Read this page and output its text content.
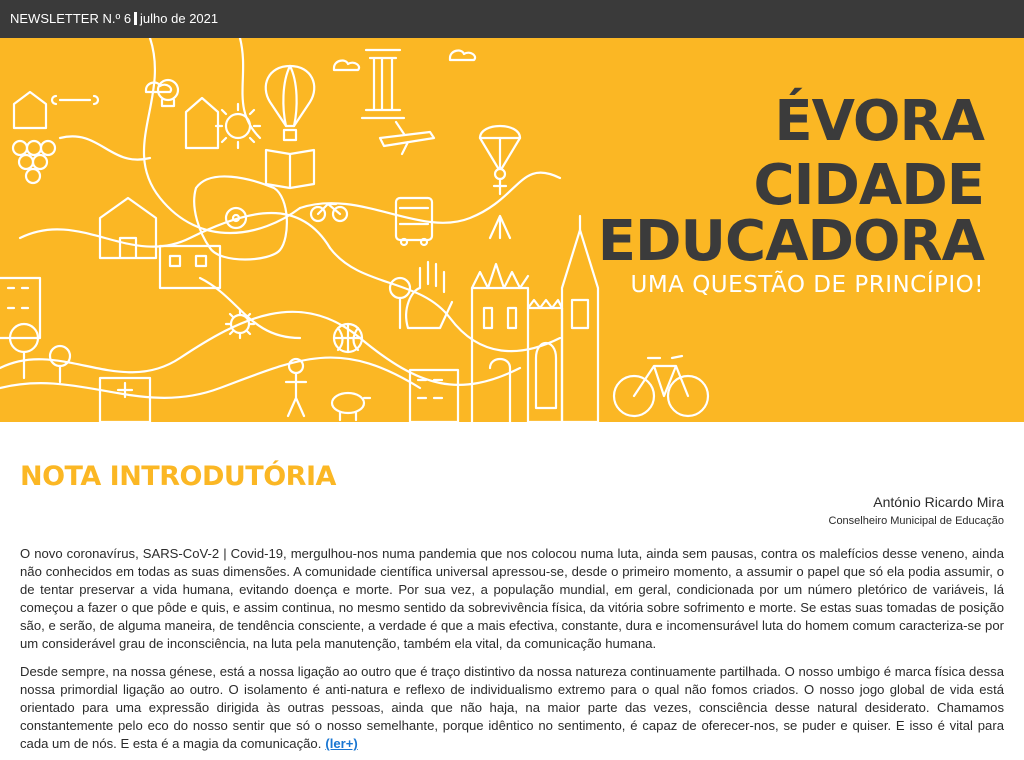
NEWSLETTER N.º 6 julho de 2021
ÉVORA
CIDADE
EDUCADORA
UMA QUESTÃO DE PRINCÍPIO!
NOTA INTRODUTÓRIA
António Ricardo Mira
Conselheiro Municipal de Educação

O novo coronavírus, SARS-CoV-2 | Covid-19, mergulhou-nos numa pandemia que nos colocou numa luta, ainda sem pausas, contra os malefícios desse veneno, ainda não conhecidos em todas as suas dimensões. A comunidade científica universal apressou-se, desde o primeiro momento, a assumir o papel que só ela podia assumir, o de tentar preservar a vida humana, evitando doença e morte. Por sua vez, a população mundial, em geral, condicionada por um número pletórico de variáveis, lá começou a fazer o que pôde e quis, e assim continua, no mesmo sentido da sobrevivência física, da vitória sobre sofrimento e morte. Se estas suas tomadas de posição são, e serão, de alguma maneira, de tendência consciente, a verdade é que a mais efectiva, constante, dura e incomensurável luta do homem comum caracteriza-se por um considerável grau de inconsciência, na luta pela manutenção, também ela vital, da comunicação humana.

Desde sempre, na nossa génese, está a nossa ligação ao outro que é traço distintivo da nossa natureza continuamente partilhada. O nosso umbigo é marca física dessa nossa primordial ligação ao outro. O isolamento é anti-natura e reflexo de individualismo extremo para o qual não fomos criados. O nosso jogo global de vida está orientado para uma expressão dirigida às outras pessoas, ainda que não haja, na maior parte das vezes, consciência desse natural desiderato. Chamamos constantemente pelo eco do nosso sentir que só o nosso semelhante, porque idêntico no sentimento, é capaz de oferecer-nos, se puder e quiser. E isso é vital para cada um de nós. E esta é a magia da comunicação. (ler+)
